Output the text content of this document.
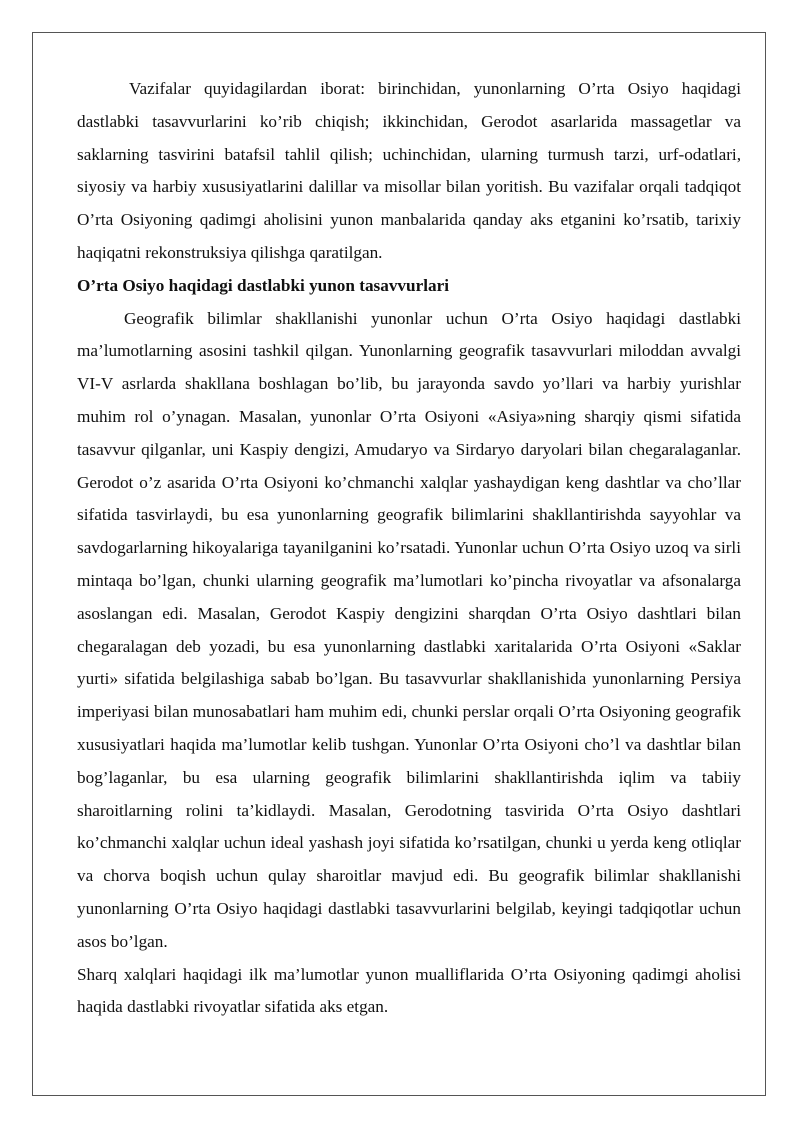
Vazifalar quyidagilardan iborat: birinchidan, yunonlarning O’rta Osiyo haqidagi dastlabki tasavvurlarini ko’rib chiqish; ikkinchidan, Gerodot asarlarida massagetlar va saklarning tasvirini batafsil tahlil qilish; uchinchidan, ularning turmush tarzi, urf-odatlari, siyosiy va harbiy xususiyatlarini dalillar va misollar bilan yoritish. Bu vazifalar orqali tadqiqot O’rta Osiyoning qadimgi aholisini yunon manbalarida qanday aks etganini ko’rsatib, tarixiy haqiqatni rekonstruksiya qilishga qaratilgan.

O’rta Osiyo haqidagi dastlabki yunon tasavvurlari

Geografik bilimlar shakllanishi yunonlar uchun O’rta Osiyo haqidagi dastlabki ma’lumotlarning asosini tashkil qilgan. Yunonlarning geografik tasavvurlari miloddan avvalgi VI-V asrlarda shakllana boshlagan bo’lib, bu jarayonda savdo yo’llari va harbiy yurishlar muhim rol o’ynagan. Masalan, yunonlar O’rta Osiyoni «Asiya»ning sharqiy qismi sifatida tasavvur qilganlar, uni Kaspiy dengizi, Amudaryo va Sirdaryo daryolari bilan chegaralaganlar. Gerodot o’z asarida O’rta Osiyoni ko’chmanchi xalqlar yashaydigan keng dashtlar va cho’llar sifatida tasvirlaydi, bu esa yunonlarning geografik bilimlarini shakllantirishda sayyohlar va savdogarlarning hikoyalariga tayanilganini ko’rsatadi. Yunonlar uchun O’rta Osiyo uzoq va sirli mintaqa bo’lgan, chunki ularning geografik ma’lumotlari ko’pincha rivoyatlar va afsonalarga asoslangan edi. Masalan, Gerodot Kaspiy dengizini sharqdan O’rta Osiyo dashtlari bilan chegaralagan deb yozadi, bu esa yunonlarning dastlabki xaritalarida O’rta Osiyoni «Saklar yurti» sifatida belgilashiga sabab bo’lgan. Bu tasavvurlar shakllanishida yunonlarning Persiya imperiyasi bilan munosabatlari ham muhim edi, chunki perslar orqali O’rta Osiyoning geografik xususiyatlari haqida ma’lumotlar kelib tushgan. Yunonlar O’rta Osiyoni cho’l va dashtlar bilan bog’laganlar, bu esa ularning geografik bilimlarini shakllantirishda iqlim va tabiiy sharoitlarning rolini ta’kidlaydi. Masalan, Gerodotning tasvirida O’rta Osiyo dashtlari ko’chmanchi xalqlar uchun ideal yashash joyi sifatida ko’rsatilgan, chunki u yerda keng otliqlar va chorva boqish uchun qulay sharoitlar mavjud edi. Bu geografik bilimlar shakllanishi yunonlarning O’rta Osiyo haqidagi dastlabki tasavvurlarini belgilab, keyingi tadqiqotlar uchun asos bo’lgan.

Sharq xalqlari haqidagi ilk ma’lumotlar yunon mualliflarida O’rta Osiyoning qadimgi aholisi haqida dastlabki rivoyatlar sifatida aks etgan.
